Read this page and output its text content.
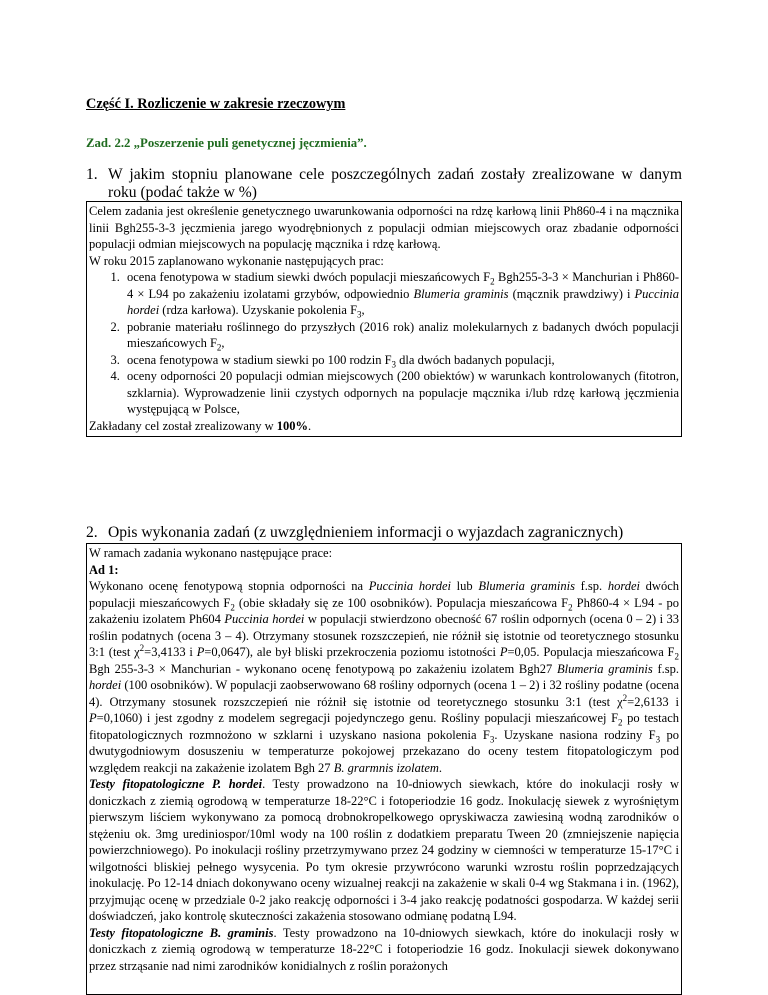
Część I. Rozliczenie w zakresie rzeczowym
Zad. 2.2 „Poszerzenie puli genetycznej jęczmienia”.
1. W jakim stopniu planowane cele poszczególnych zadań zostały zrealizowane w danym roku (podać także w %)

Celem zadania jest określenie genetycznego uwarunkowania odporności na rdzę karłową linii Ph860-4 i na mącznika linii Bgh255-3-3 jęczmienia jarego wyodrębnionych z populacji odmian miejscowych oraz zbadanie odporności populacji odmian miejscowych na populację mącznika i rdzę karłową.

W roku 2015 zaplanowano wykonanie następujących prac:

1. ocena fenotypowa w stadium siewki dwóch populacji mieszańcowych $F_2$ Bgh255-3-3 × Manchurian i Ph860-4 × L94 po zakażeniu izolatami grzybów, odpowiednio Blumeria graminis (mącznik prawdziwy) i Puccinia hordei (rdza karłowa). Uzyskanie pokolenia $F_3$,
2. pobranie materiału roślinnego do przyszłych (2016 rok) analiz molekularnych z badanych dwóch populacji mieszańcowych $F_2$,
3. ocena fenotypowa w stadium siewki po 100 rodzin $F_3$ dla dwóch badanych populacji,
4. oceny odporności 20 populacji odmian miejscowych (200 obiektów) w warunkach kontrolowanych (fitotron, szklarnia). Wyprowadzenie linii czystych odpornych na populacje mącznika i/lub rdzę karłową jęczmienia występującą w Polsce,

Zakładany cel został zrealizowany w 100%.

2. Opis wykonania zadań (z uwzględnieniem informacji o wyjazdach zagranicznych)

W ramach zadania wykonano następujące prace:

Ad 1:

Wykonano ocenę fenotypową stopnia odporności na Puccinia hordei lub Blumeria graminis f.sp. hordei dwóch populacji mieszańcowych $F_2$ (obie składały się ze 100 osobników). Populacja mieszańcowa $F_2$ Ph860-4 × L94 - po zakażeniu izolatem Ph604 Puccinia hordei w populacji stwierdzono obecność 67 roślin odpornych (ocena 0 – 2) i 33 roślin podatnych (ocena 3 – 4). Otrzymany stosunek rozszczepień, nie różnił się istotnie od teoretycznego stosunku 3:1 (test $\chi^2=3,4133$ i P=0,0647), ale był bliski przekroczenia poziomu istotności P=0,05. Populacja mieszańcowa $F_2$ Bgh 255-3-3 × Manchurian - wykonano ocenę fenotypową po zakażeniu izolatem Bgh27 Blumeria graminis f.sp. hordei (100 osobników). W populacji zaobserwowano 68 rośliny odpornych (ocena 1 – 2) i 32 rośliny podatne (ocena 4). Otrzymany stosunek rozszczepień nie różnił się istotnie od teoretycznego stosunku 3:1 (test $\chi^2=2,6133$ i P=0,1060) i jest zgodny z modelem segregacji pojedynczego genu. Rośliny populacji mieszańcowej $F_2$ po testach fitopatologicznych rozmnożono w szklarni i uzyskano nasiona pokolenia $F_3$. Uzyskane nasiona rodziny $F_3$ po dwutygodniowym dosuszeniu w temperaturze pokojowej przekazano do oceny testem fitopatologiczym pod względem reakcji na zakażenie izolatem Bgh 27 B. grarmnis izolatem.

Testy fitopatologiczne P. hordei. Testy prowadzono na 10-dniowych siewkach, które do inokulacji rosły w doniczkach z ziemią ogrodową w temperaturze 18-22°C i fotoperiodzie 16 godz. Inokulację siewek z wyrośniętym pierwszym liściem wykonywano za pomocą drobnokropelkowego opryskiwacza zawiesiną wodną zarodników o stężeniu ok. 3mg urediniospor/10ml wody na 100 roślin z dodatkiem preparatu Tween 20 (zmniejszenie napięcia powierzchniowego). Po inokulacji rośliny przetrzymywano przez 24 godziny w ciemności w temperaturze 15-17°C i wilgotności bliskiej pełnego wysycenia. Po tym okresie przywrócono warunki wzrostu roślin poprzedzających inokulację. Po 12-14 dniach dokonywano oceny wizualnej reakcji na zakażenie w skali 0-4 wg Stakmana i in. (1962), przyjmując ocenę w przedziale 0-2 jako reakcję odporności i 3-4 jako reakcję podatności gospodarza. W każdej serii doświadczeń, jako kontrolę skuteczności zakażenia stosowano odmianę podatną L94.

Testy fitopatologiczne B. graminis. Testy prowadzono na 10-dniowych siewkach, które do inokulacji rosły w doniczkach z ziemią ogrodową w temperaturze 18-22°C i fotoperiodzie 16 godz. Inokulacji siewek dokonywano przez strząsanie nad nimi zarodników konidialnych z roślin porażonych
